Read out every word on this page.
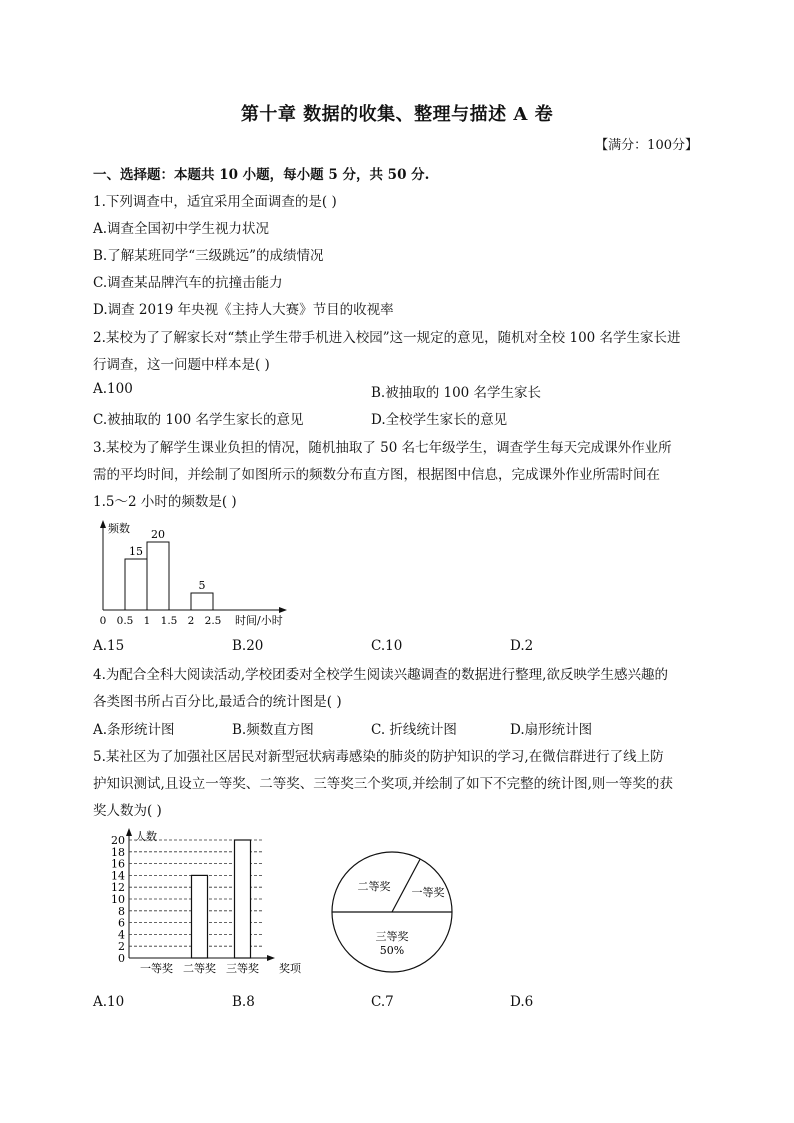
第十章 数据的收集、整理与描述 A 卷
【满分：100分】
一、选择题：本题共 10 小题，每小题 5 分，共 50 分.
1.下列调查中，适宜采用全面调查的是( )
A.调查全国初中学生视力状况
B.了解某班同学“三级跳远”的成绩情况
C.调查某品牌汽车的抗撞击能力
D.调查 2019 年央视《主持人大赛》节目的收视率
2.某校为了了解家长对“禁止学生带手机进入校园”这一规定的意见，随机对全校 100 名学生家长进
行调查，这一问题中样本是( )
A.100	B.被抽取的 100 名学生家长
C.被抽取的 100 名学生家长的意见	D.全校学生家长的意见
3.某校为了解学生课业负担的情况，随机抽取了 50 名七年级学生，调查学生每天完成课外作业所
需的平均时间，并绘制了如图所示的频数分布直方图，根据图中信息，完成课外作业所需时间在
1.5～2 小时的频数是( )
频数
时间/小时
15
20
5
0 0.5 1 1.5 2 2.5
A.15	B.20	C.10	D.2
4.为配合全科大阅读活动,学校团委对全校学生阅读兴趣调查的数据进行整理,欲反映学生感兴趣的
各类图书所占百分比,最适合的统计图是( )
A.条形统计图	B.频数直方图	C. 折线统计图	D.扇形统计图
5.某社区为了加强社区居民对新型冠状病毒感染的肺炎的防护知识的学习,在微信群进行了线上防
护知识测试,且设立一等奖、二等奖、三等奖三个奖项,并绘制了如下不完整的统计图,则一等奖的获
奖人数为( )
人数
奖项
0
2
4
6
8
10
12
14
16
18
20
一等奖 二等奖 三等奖
二等奖 一等奖
三等奖
50%
A.10	B.8	C.7	D.6
